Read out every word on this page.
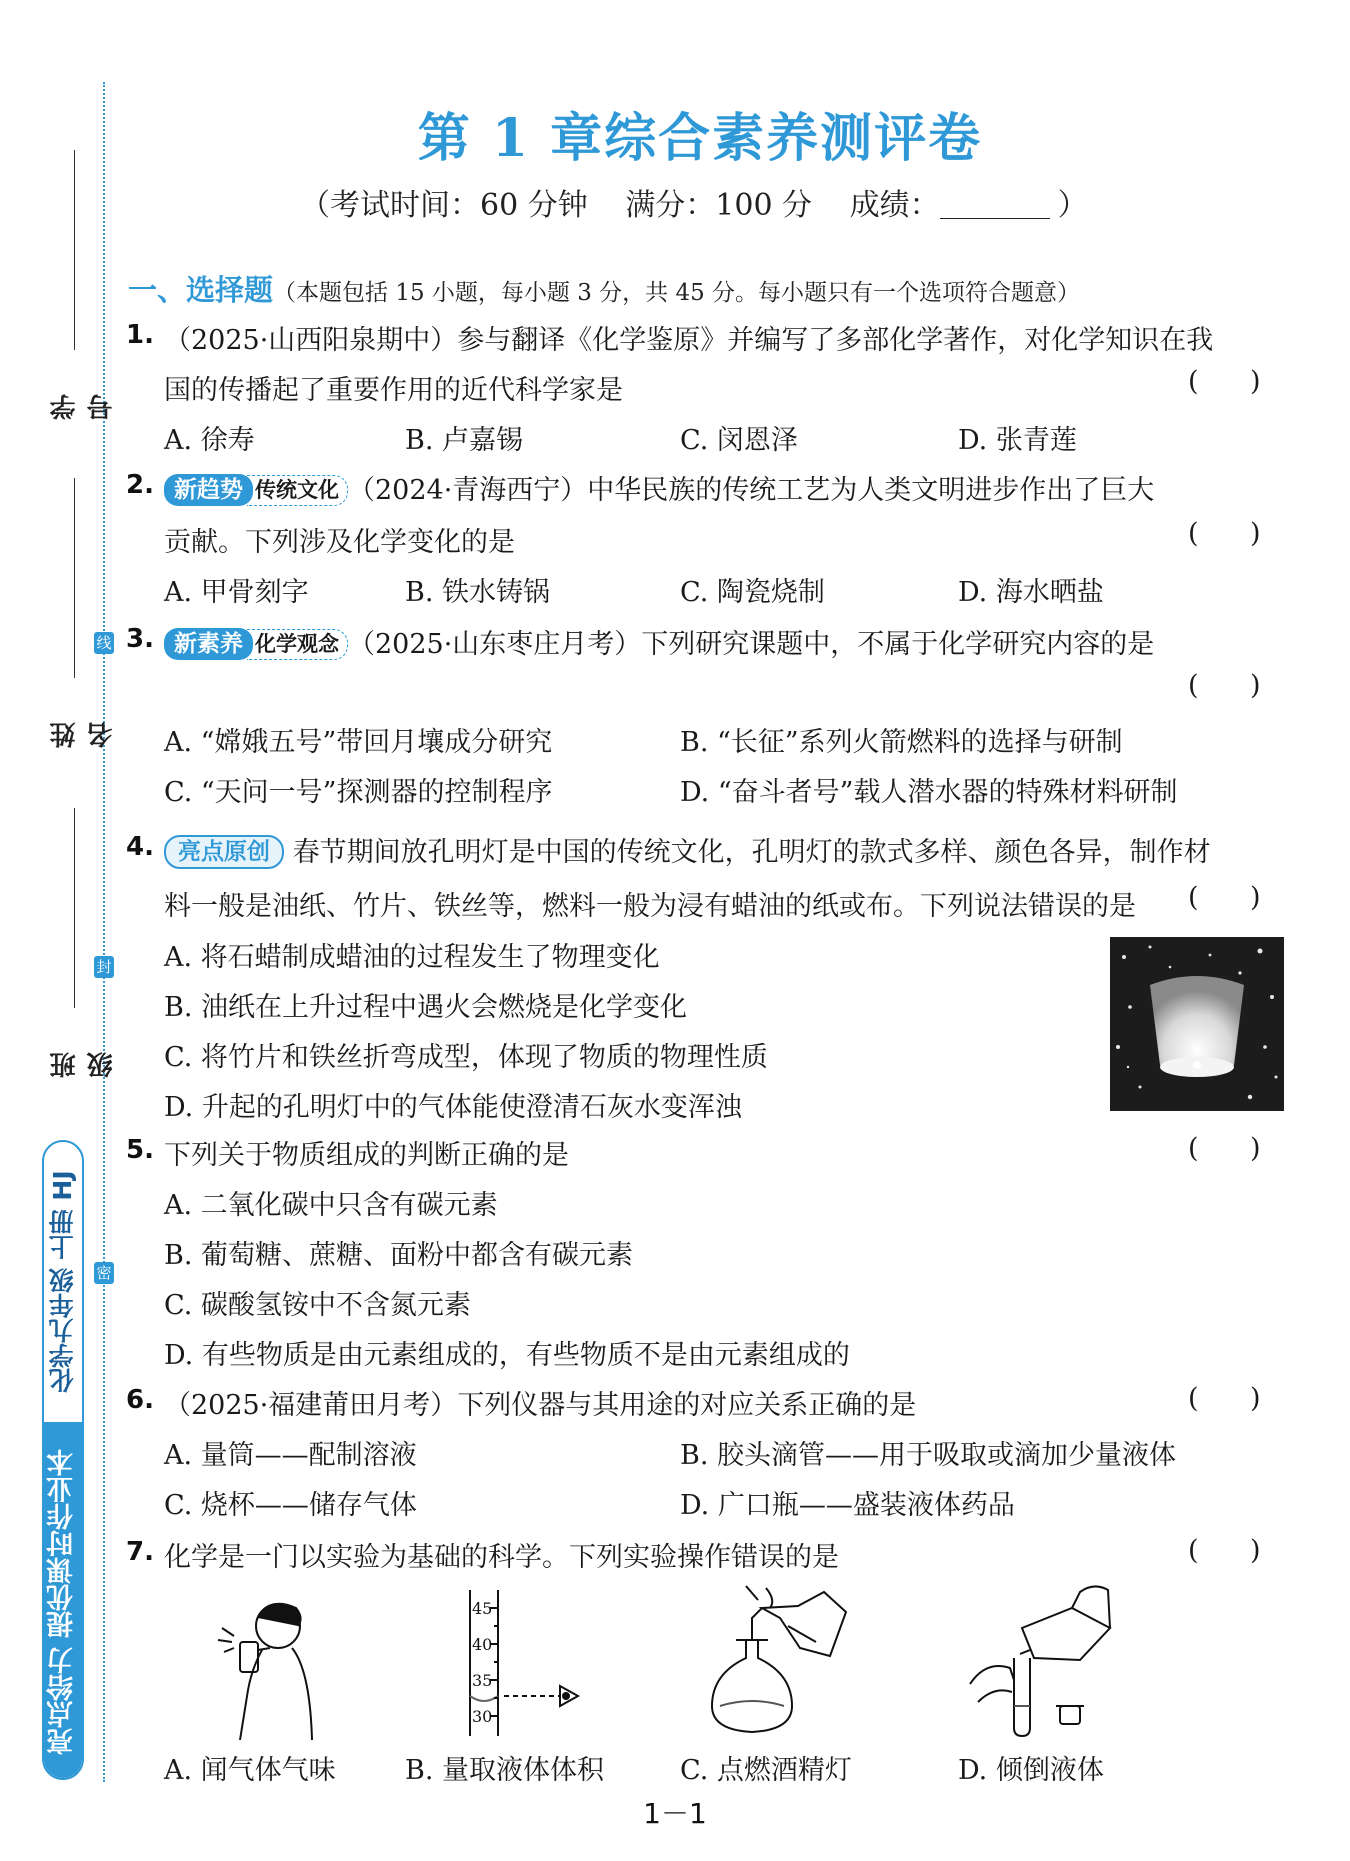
线
封
密
学号
姓名
班级
化学九年级 上册 HJ
亮点给力 提优课时作业本
第 1 章综合素养测评卷
（考试时间：60 分钟 满分：100 分 成绩：	）
一、选择题（本题包括 15 小题，每小题 3 分，共 45 分。每小题只有一个选项符合题意）
1. （2025·山西阳泉期中）参与翻译《化学鉴原》并编写了多部化学著作，对化学知识在我
国的传播起了重要作用的近代科学家是	(      )
A. 徐寿	B. 卢嘉锡	C. 闵恩泽	D. 张青莲
2. 新趋势 传统文化 （2024·青海西宁）中华民族的传统工艺为人类文明进步作出了巨大
贡献。下列涉及化学变化的是	(      )
A. 甲骨刻字	B. 铁水铸锅	C. 陶瓷烧制	D. 海水晒盐
3. 新素养 化学观念 （2025·山东枣庄月考）下列研究课题中，不属于化学研究内容的是
(      )
A. “嫦娥五号”带回月壤成分研究	B. “长征”系列火箭燃料的选择与研制
C. “天问一号”探测器的控制程序	D. “奋斗者号”载人潜水器的特殊材料研制
4.	亮点原创 春节期间放孔明灯是中国的传统文化，孔明灯的款式多样、颜色各异，制作材
料一般是油纸、竹片、铁丝等，燃料一般为浸有蜡油的纸或布。下列说法错误的是 (      )
A. 将石蜡制成蜡油的过程发生了物理变化
B. 油纸在上升过程中遇火会燃烧是化学变化
C. 将竹片和铁丝折弯成型，体现了物质的物理性质
D. 升起的孔明灯中的气体能使澄清石灰水变浑浊
5. 下列关于物质组成的判断正确的是	(      )
A. 二氧化碳中只含有碳元素
B. 葡萄糖、蔗糖、面粉中都含有碳元素
C. 碳酸氢铵中不含氮元素
D. 有些物质是由元素组成的，有些物质不是由元素组成的
6. （2025·福建莆田月考）下列仪器与其用途的对应关系正确的是	(      )
A. 量筒——配制溶液	B. 胶头滴管——用于吸取或滴加少量液体
C. 烧杯——储存气体	D. 广口瓶——盛装液体药品
7. 化学是一门以实验为基础的科学。下列实验操作错误的是	(      )
45
40
35
30
A. 闻气体气味	B. 量取液体体积	C. 点燃酒精灯	D. 倾倒液体
1－1
